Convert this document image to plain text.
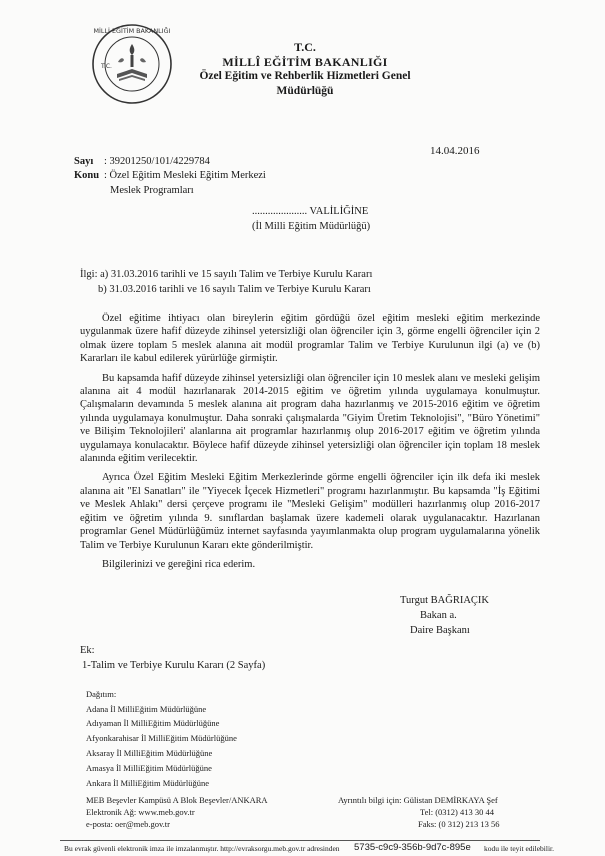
MİLLİ EĞİTİM BAKANLIĞI
T.C.
T.C.
MİLLÎ EĞİTİM BAKANLIĞI
Özel Eğitim ve Rehberlik Hizmetleri Genel
Müdürlüğü
Sayı : 39201250/101/4229784
14.04.2016
Konu : Özel Eğitim Mesleki Eğitim Merkezi
Meslek Programları
..................... VALİLİĞİNE
(İl Milli Eğitim Müdürlüğü)
İlgi: a) 31.03.2016 tarihli ve 15 sayılı Talim ve Terbiye Kurulu Kararı
b) 31.03.2016 tarihli ve 16 sayılı Talim ve Terbiye Kurulu Kararı

Özel eğitime ihtiyacı olan bireylerin eğitim gördüğü özel eğitim mesleki eğitim merkezinde uygulanmak üzere hafif düzeyde zihinsel yetersizliği olan öğrenciler için 3, görme engelli öğrenciler için 2 olmak üzere toplam 5 meslek alanına ait modül programlar Talim ve Terbiye Kurulunun ilgi (a) ve (b) Kararları ile kabul edilerek yürürlüğe girmiştir.

Bu kapsamda hafif düzeyde zihinsel yetersizliği olan öğrenciler için 10 meslek alanı ve mesleki gelişim alanına ait 4 modül hazırlanarak 2014-2015 eğitim ve öğretim yılında uygulamaya konulmuştur. Çalışmaların devamında 5 meslek alanına ait program daha hazırlanmış ve 2015-2016 eğitim ve öğretim yılında uygulamaya konulmuştur. Daha sonraki çalışmalarda "Giyim Üretim Teknolojisi", "Büro Yönetimi" ve Bilişim Teknolojileri' alanlarına ait programlar hazırlanmış olup 2016-2017 eğitim ve öğretim yılında uygulamaya konulacaktır. Böylece hafif düzeyde zihinsel yetersizliği olan öğrenciler için toplam 18 meslek alanında eğitim verilecektir.

Ayrıca Özel Eğitim Mesleki Eğitim Merkezlerinde görme engelli öğrenciler için ilk defa iki meslek alanına ait "El Sanatları" ile "Yiyecek İçecek Hizmetleri" programı hazırlanmıştır. Bu kapsamda "İş Eğitimi ve Meslek Ahlakı" dersi çerçeve programı ile "Mesleki Gelişim" modülleri hazırlanmış olup 2016-2017 eğitim ve öğretim yılında 9. sınıflardan başlamak üzere kademeli olarak uygulanacaktır. Hazırlanan programlar Genel Müdürlüğümüz internet sayfasında yayımlanmakta olup program uygulamalarına yönelik Talim ve Terbiye Kurulunun Kararı ekte gönderilmiştir.

Bilgilerinizi ve gereğini rica ederim.

Turgut BAĞRIAÇIK
Bakan a.
Daire Başkanı
Ek:
1-Talim ve Terbiye Kurulu Kararı (2 Sayfa)
Dağıtım:
Adana İl MilliEğitim Müdürlüğüne
Adıyaman İl MilliEğitim Müdürlüğüne
Afyonkarahisar İl MilliEğitim Müdürlüğüne
Aksaray İl MilliEğitim Müdürlüğüne
Amasya İl MilliEğitim Müdürlüğüne
Ankara İl MilliEğitim Müdürlüğüne
MEB Beşevler Kampüsü A Blok Beşevler/ANKARA
Elektronik Ağ: www.meb.gov.tr
e-posta: oer@meb.gov.tr
Ayrıntılı bilgi için: Gülistan DEMİRKAYA Şef
Tel: (0312) 413 30 44
Faks: (0 312) 213 13 56
Bu evrak güvenli elektronik imza ile imzalanmıştır. http://evraksorgu.meb.gov.tr adresinden 5735-c9c9-356b-9d7c-895e kodu ile teyit edilebilir.
